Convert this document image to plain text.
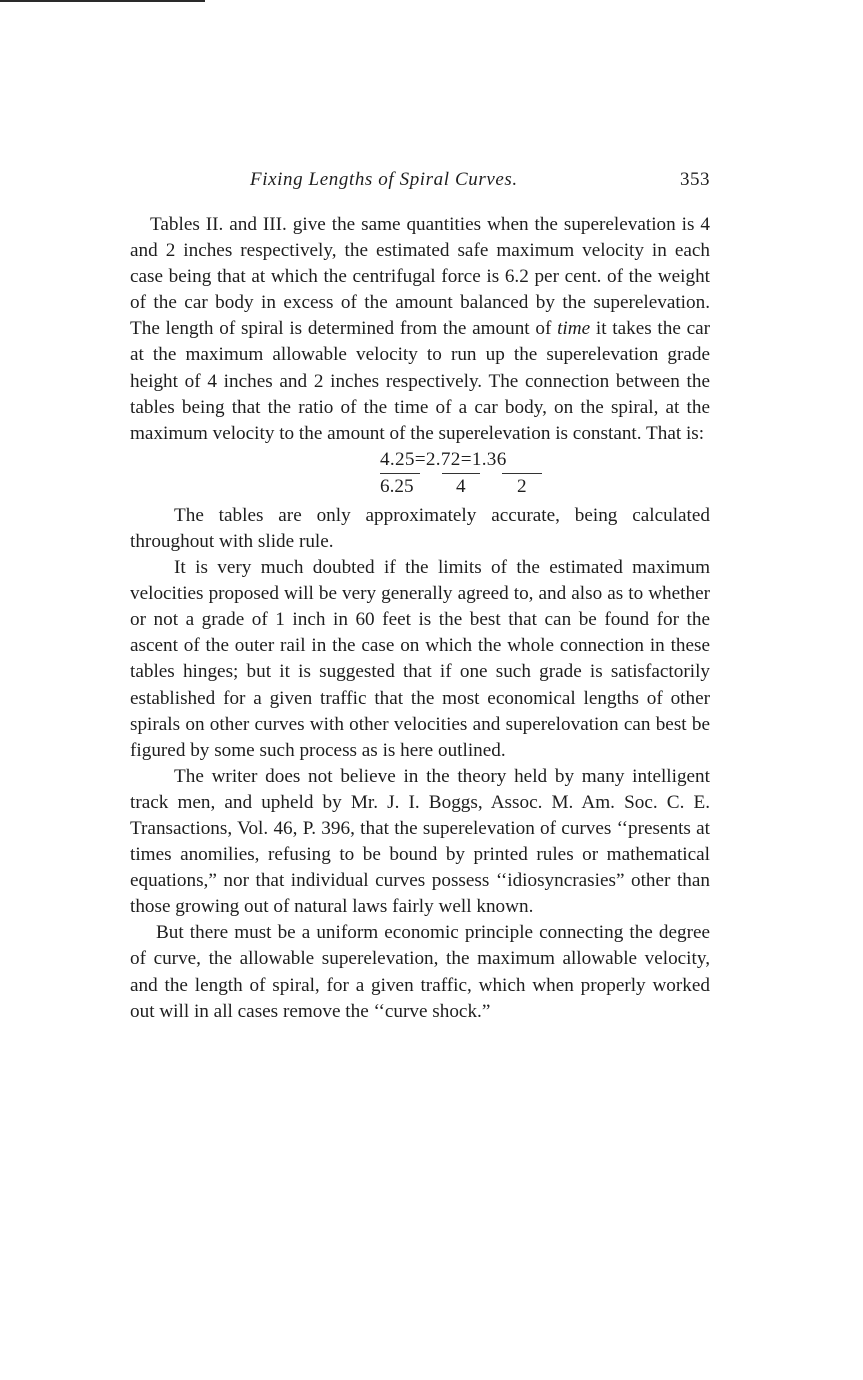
Fixing Lengths of Spiral Curves.	353

Tables II. and III. give the same quantities when the superelevation is 4 and 2 inches respectively, the estimated safe maximum velocity in each case being that at which the centrifugal force is 6.2 per cent. of the weight of the car body in excess of the amount balanced by the superelevation. The length of spiral is determined from the amount of time it takes the car at the maximum allowable velocity to run up the superelevation grade height of 4 inches and 2 inches respectively. The connection between the tables being that the ratio of the time of a car body, on the spiral, at the maximum velocity to the amount of the superelevation is constant. That is:

4.25=2.72=1.36
6.25 4	2

The tables are only approximately accurate, being calculated throughout with slide rule.

It is very much doubted if the limits of the estimated maximum velocities proposed will be very generally agreed to, and also as to whether or not a grade of 1 inch in 60 feet is the best that can be found for the ascent of the outer rail in the case on which the whole connection in these tables hinges; but it is suggested that if one such grade is satisfactorily established for a given traffic that the most economical lengths of other spirals on other curves with other velocities and superelovation can best be figured by some such process as is here outlined.

The writer does not believe in the theory held by many intelligent track men, and upheld by Mr. J. I. Boggs, Assoc. M. Am. Soc. C. E. Transactions, Vol. 46, P. 396, that the superelevation of curves ‘‘presents at times anomilies, refusing to be bound by printed rules or mathematical equations,” nor that individual curves possess ‘‘idiosyncrasies” other than those growing out of natural laws fairly well known.

But there must be a uniform economic principle connecting the degree of curve, the allowable superelevation, the maximum allowable velocity, and the length of spiral, for a given traffic, which when properly worked out will in all cases remove the ‘‘curve shock.”
